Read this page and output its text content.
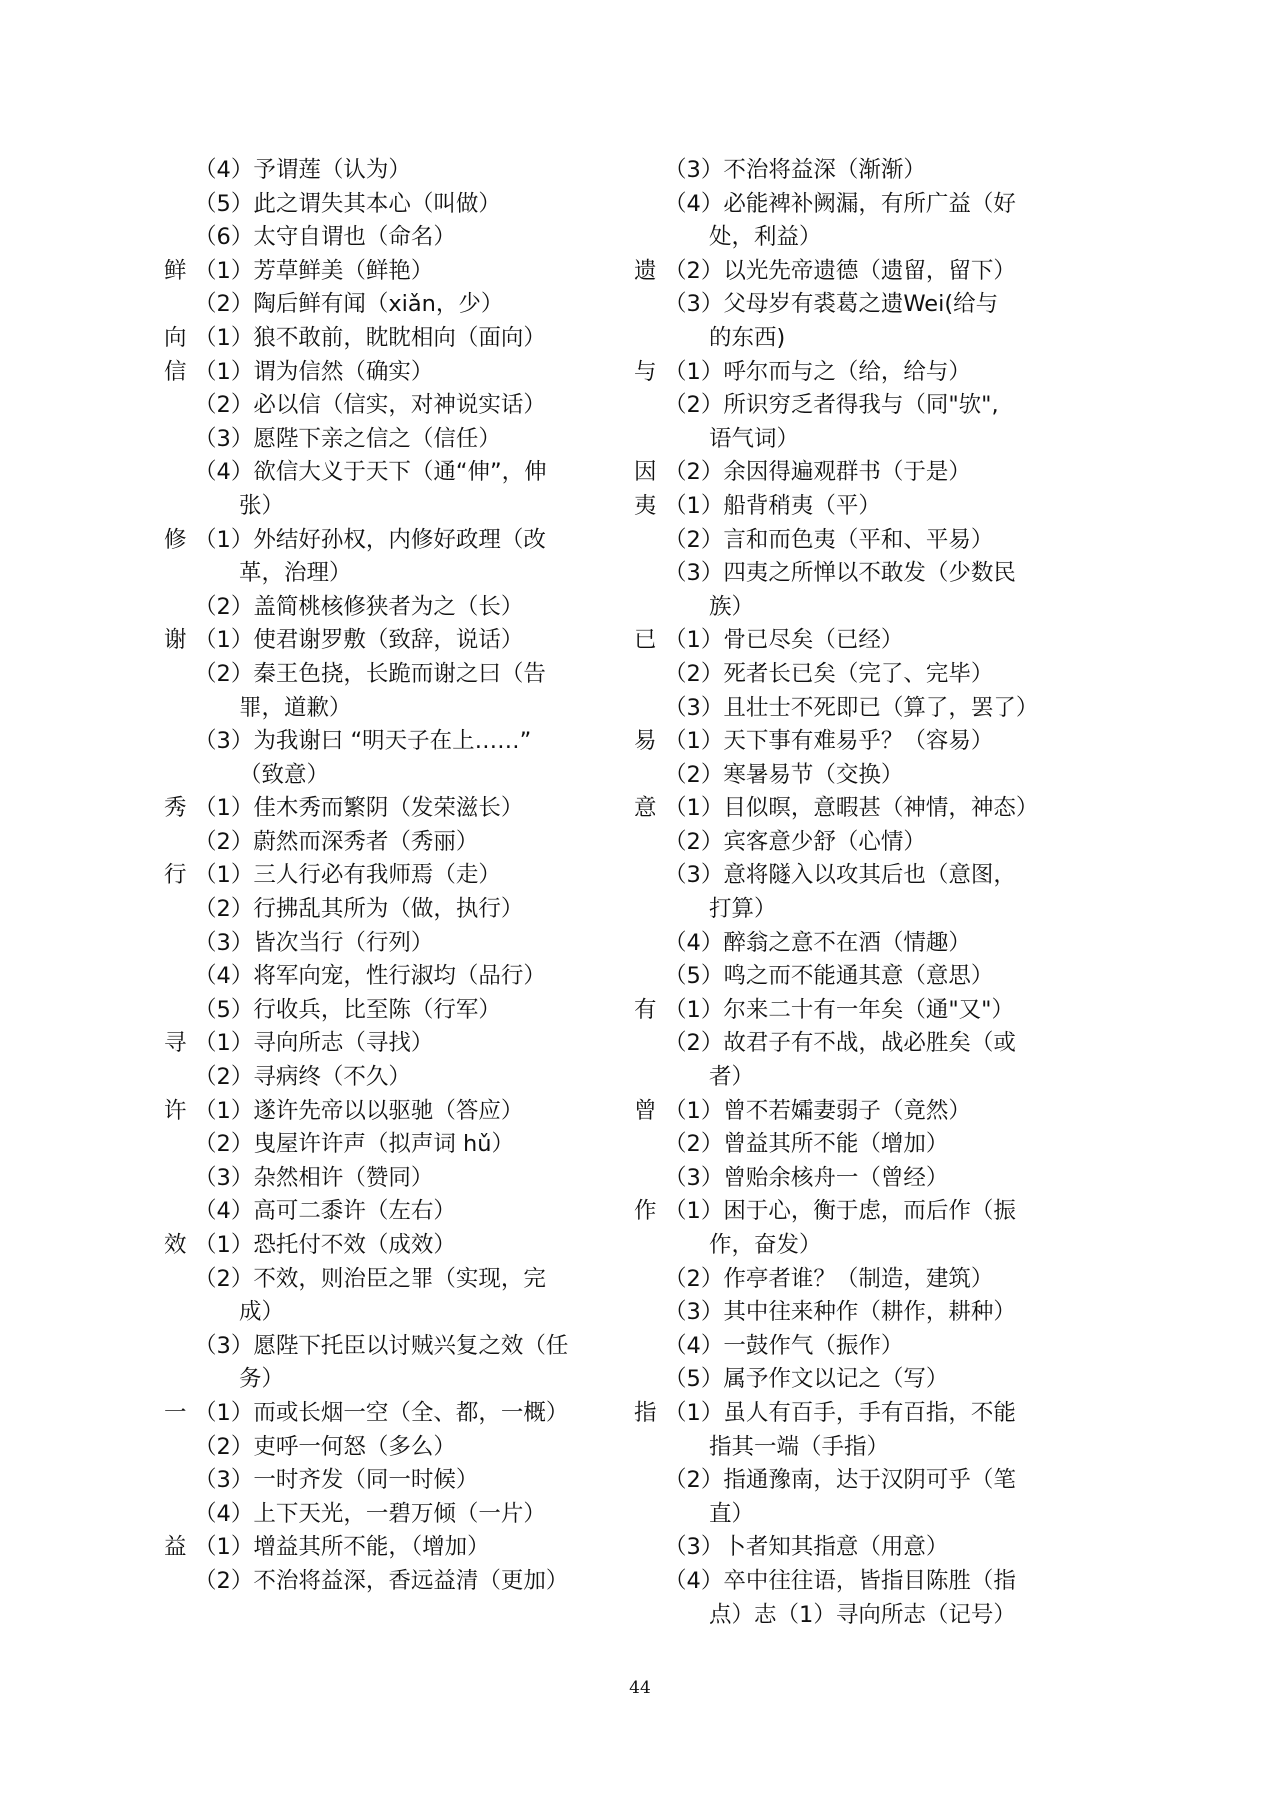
（4）予谓莲（认为）
（5）此之谓失其本心（叫做）
（6）太守自谓也（命名）
鲜 （1）芳草鲜美（鲜艳）
（2）陶后鲜有闻（xiǎn，少）
向 （1）狼不敢前，眈眈相向（面向）
信 （1）谓为信然（确实）
（2）必以信（信实，对神说实话）
（3）愿陛下亲之信之（信任）
（4）欲信大义于天下（通“伸”，伸
张）
修 （1）外结好孙权，内修好政理（改
革，治理）
（2）盖简桃核修狭者为之（长）
谢 （1）使君谢罗敷（致辞，说话）
（2）秦王色挠，长跪而谢之曰（告
罪，道歉）
（3）为我谢曰 “明天子在上……”
（致意）
秀 （1）佳木秀而繁阴（发荣滋长）
（2）蔚然而深秀者（秀丽）
行 （1）三人行必有我师焉（走）
（2）行拂乱其所为（做，执行）
（3）皆次当行（行列）
（4）将军向宠，性行淑均（品行）
（5）行收兵，比至陈（行军）
寻 （1）寻向所志（寻找）
（2）寻病终（不久）
许 （1）遂许先帝以以驱驰（答应）
（2）曳屋许许声（拟声词 hǔ）
（3）杂然相许（赞同）
（4）高可二黍许（左右）
效 （1）恐托付不效（成效）
（2）不效，则治臣之罪（实现，完
成）
（3）愿陛下托臣以讨贼兴复之效（任
务）
一 （1）而或长烟一空（全、都，一概）
（2）吏呼一何怒（多么）
（3）一时齐发（同一时候）
（4）上下天光，一碧万倾（一片）
益 （1）增益其所不能，（增加）
（2）不治将益深，香远益清（更加）
（3）不治将益深（渐渐）
（4）必能裨补阙漏，有所广益（好
处，利益）
遗 （2）以光先帝遗德（遗留，留下）
（3）父母岁有裘葛之遗Wei(给与
的东西)
与 （1）呼尔而与之（给，给与）
（2）所识穷乏者得我与（同"欤",
语气词）
因 （2）余因得遍观群书（于是）
夷 （1）船背稍夷（平）
（2）言和而色夷（平和、平易）
（3）四夷之所惮以不敢发（少数民
族）
已 （1）骨已尽矣（已经）
（2）死者长已矣（完了、完毕）
（3）且壮士不死即已（算了，罢了）
易 （1）天下事有难易乎？（容易）
（2）寒暑易节（交换）
意 （1）目似暝，意暇甚（神情，神态）
（2）宾客意少舒（心情）
（3）意将隧入以攻其后也（意图，
打算）
（4）醉翁之意不在酒（情趣）
（5）鸣之而不能通其意（意思）
有 （1）尔来二十有一年矣（通"又"）
（2）故君子有不战，战必胜矣（或
者）
曾 （1）曾不若孀妻弱子（竟然）
（2）曾益其所不能（增加）
（3）曾贻余核舟一（曾经）
作 （1）困于心，衡于虑，而后作（振
作，奋发）
（2）作亭者谁？（制造，建筑）
（3）其中往来种作（耕作，耕种）
（4）一鼓作气（振作）
（5）属予作文以记之（写）
指 （1）虽人有百手，手有百指，不能
指其一端（手指）
（2）指通豫南，达于汉阴可乎（笔
直）
（3）卜者知其指意（用意）
（4）卒中往往语，皆指目陈胜（指
点）志（1）寻向所志（记号）
44
